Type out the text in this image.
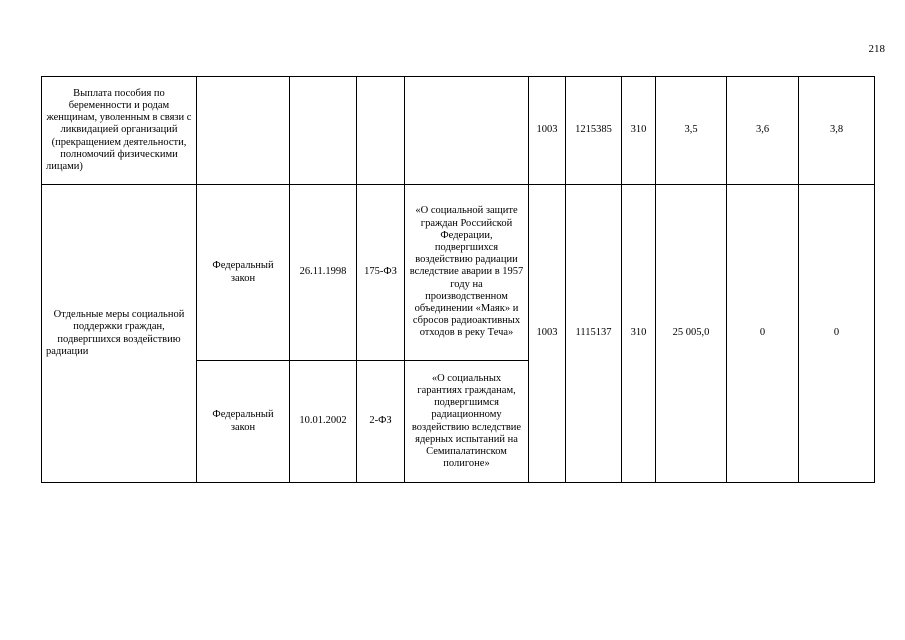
218
Выплата пособия по беременности и родам женщинам, уволенным в связи с ликвидацией организаций (прекращением деятельности, полномочий физическими лицами)					1003	1215385	310	3,5	3,6	3,8

Отдельные меры социальной поддержки граждан, подвергшихся воздействию радиации	Федеральный закон	26.11.1998	175-ФЗ	«О социальной защите граждан Российской Федерации, подвергшихся воздействию радиации вследствие аварии в 1957 году на производственном объединении «Маяк» и сбросов радиоактивных отходов в реку Теча»	1003	1115137	310	25 005,0	0	0
	Федеральный закон	10.01.2002	2-ФЗ	«О социальных гарантиях гражданам, подвергшимся радиационному воздействию вследствие ядерных испытаний на Семипалатинском полигоне»						
